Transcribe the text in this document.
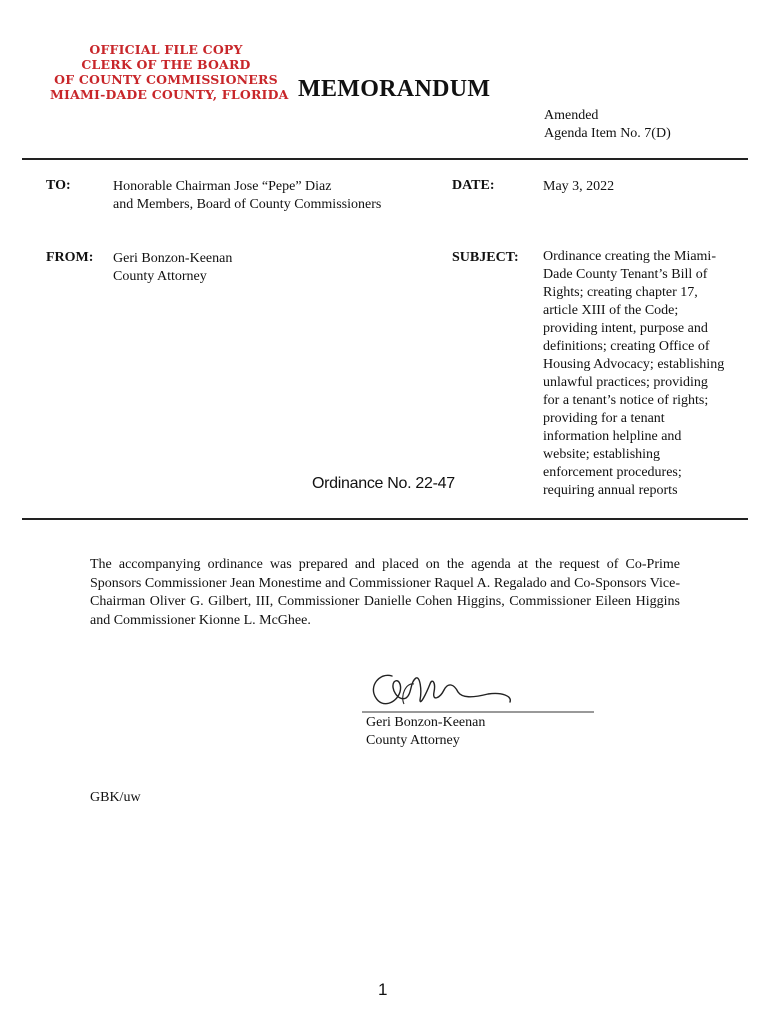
OFFICIAL FILE COPY
CLERK OF THE BOARD
OF COUNTY COMMISSIONERS
MIAMI-DADE COUNTY, FLORIDA MEMORANDUM
Amended
Agenda Item No. 7(D)
TO:	Honorable Chairman Jose “Pepe” Diaz
and Members, Board of County Commissioners
DATE:	May 3, 2022
FROM: Geri Bonzon-Keenan
County Attorney
SUBJECT: Ordinance creating the Miami-
Dade County Tenant’s Bill of
Rights; creating chapter 17,
article XIII of the Code;
providing intent, purpose and
definitions; creating Office of
Housing Advocacy; establishing
unlawful practices; providing
for a tenant’s notice of rights;
providing for a tenant
information helpline and
website; establishing
enforcement procedures;
requiring annual reports
Ordinance No. 22-47
The accompanying ordinance was prepared and placed on the agenda at the request of Co-Prime Sponsors Commissioner Jean Monestime and Commissioner Raquel A. Regalado and Co-Sponsors Vice-Chairman Oliver G. Gilbert, III, Commissioner Danielle Cohen Higgins, Commissioner Eileen Higgins and Commissioner Kionne L. McGhee.
Geri Bonzon-Keenan
County Attorney
GBK/uw
1
